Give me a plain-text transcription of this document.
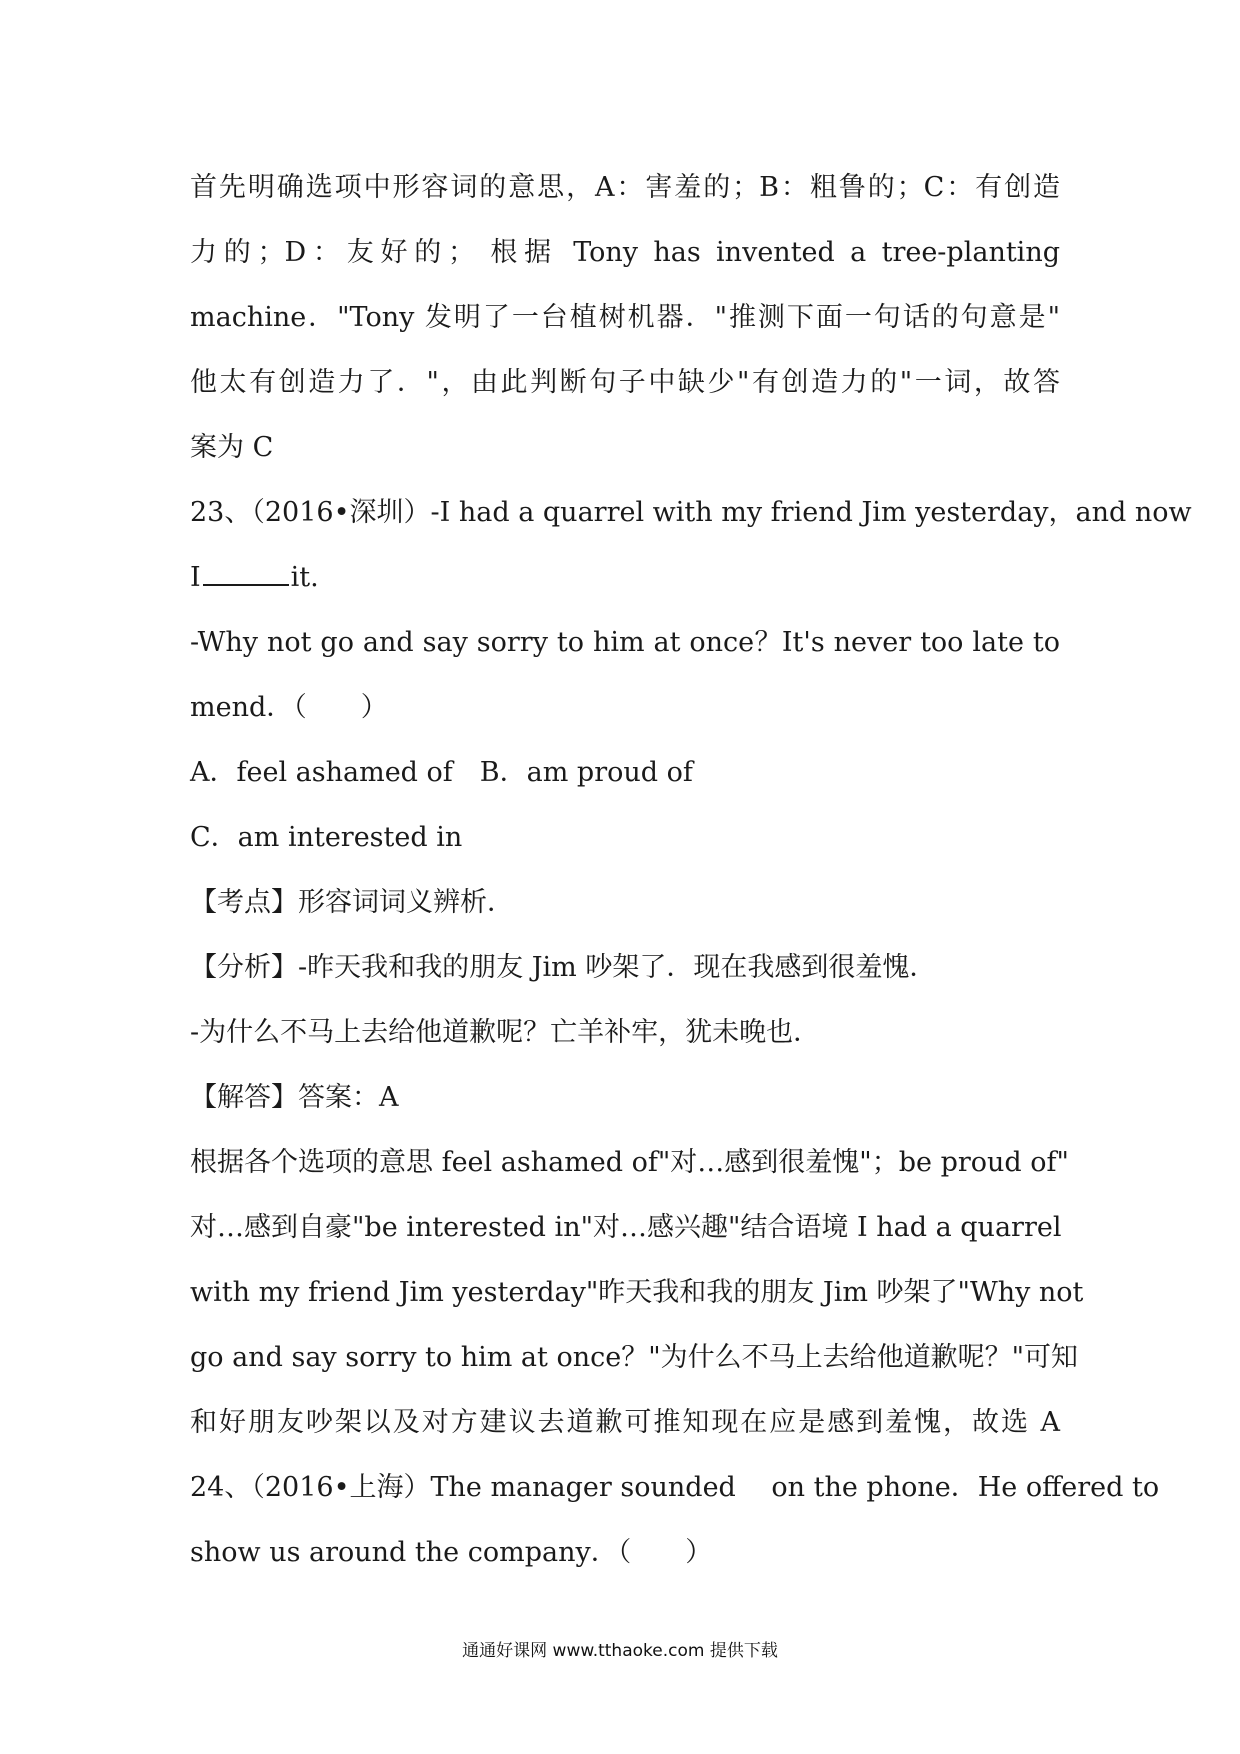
首先明确选项中形容词的意思，A：害羞的；B：粗鲁的；C：有创造
力的；D：友好的； 根据 Tony has invented a tree-planting
machine．"Tony 发明了一台植树机器．"推测下面一句话的句意是"
他太有创造力了．"，由此判断句子中缺少"有创造力的"一词，故答
案为 C
23、（2016•深圳）-I had a quarrel with my friend Jim yesterday，and now
I	it.
-Why not go and say sorry to him at once？It's never too late to
mend．（　　）
A．feel ashamed of　B．am proud of
C．am interested in
【考点】形容词词义辨析．
【分析】-昨天我和我的朋友 Jim 吵架了．现在我感到很羞愧．
-为什么不马上去给他道歉呢？亡羊补牢，犹未晚也．
【解答】答案：A
根据各个选项的意思 feel ashamed of"对…感到很羞愧"；be proud of"
对…感到自豪"be interested in"对…感兴趣"结合语境 I had a quarrel
with my friend Jim yesterday"昨天我和我的朋友 Jim 吵架了"Why not
go and say sorry to him at once？"为什么不马上去给他道歉呢？"可知
和好朋友吵架以及对方建议去道歉可推知现在应是感到羞愧，故选 A
24、（2016•上海）The manager sounded　 on the phone．He offered to
show us around the company．（　　）
通通好课网 www.tthaoke.com 提供下载
